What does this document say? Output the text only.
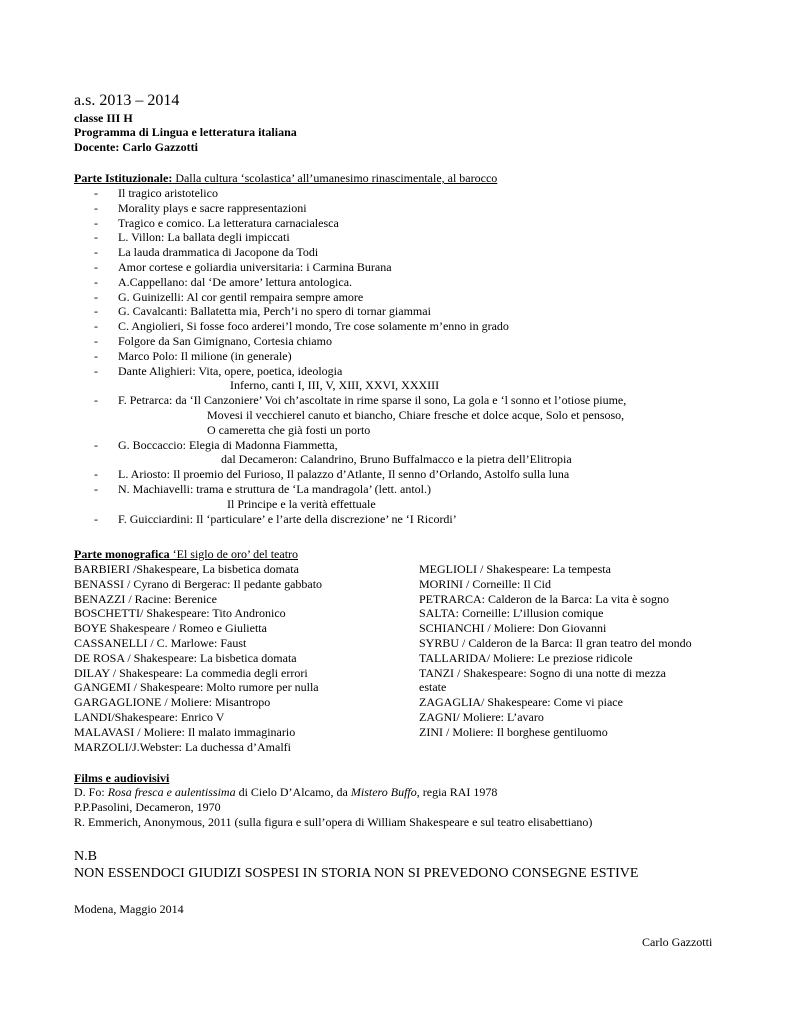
a.s. 2013 – 2014
classe III H
Programma di Lingua e letteratura italiana
Docente: Carlo Gazzotti
Parte Istituzionale: Dalla cultura ‘scolastica’ all’umanesimo rinascimentale, al barocco
- Il tragico aristotelico
- Morality plays e sacre rappresentazioni
- Tragico e comico. La letteratura carnacialesca
- L. Villon: La ballata degli impiccati
- La lauda drammatica di Jacopone da Todi
- Amor cortese e goliardia universitaria: i Carmina Burana
- A.Cappellano: dal ‘De amore’ lettura antologica.
- G. Guinizelli: Al cor gentil rempaira sempre amore
- G. Cavalcanti: Ballatetta mia, Perch’i no spero di tornar giammai
- C. Angiolieri, Si fosse foco arderei’l mondo, Tre cose solamente m’enno in grado
- Folgore da San Gimignano, Cortesia chiamo
- Marco Polo: Il milione (in generale)
- Dante Alighieri: Vita, opere, poetica, ideologia
Inferno, canti I, III, V, XIII, XXVI, XXXIII
- F. Petrarca: da ‘Il Canzoniere’ Voi ch’ascoltate in rime sparse il sono, La gola e ‘l sonno et l’otiose piume,
Movesi il vecchierel canuto et biancho, Chiare fresche et dolce acque, Solo et pensoso,
O cameretta che già fosti un porto
- G. Boccaccio: Elegia di Madonna Fiammetta,
dal Decameron: Calandrino, Bruno Buffalmacco e la pietra dell’Elitropia
- L. Ariosto: Il proemio del Furioso, Il palazzo d’Atlante, Il senno d’Orlando, Astolfo sulla luna
- N. Machiavelli: trama e struttura de ‘La mandragola’ (lett. antol.)
Il Principe e la verità effettuale
- F. Guicciardini: Il ‘particulare’ e l’arte della discrezione’ ne ‘I Ricordi’
Parte monografica ‘El siglo de oro’ del teatro
BARBIERI /Shakespeare, La bisbetica domata
BENASSI / Cyrano di Bergerac: Il pedante gabbato
BENAZZI / Racine: Berenice
BOSCHETTI/ Shakespeare: Tito Andronico
BOYE Shakespeare / Romeo e Giulietta
CASSANELLI / C. Marlowe: Faust
DE ROSA / Shakespeare: La bisbetica domata
DILAY / Shakespeare: La commedia degli errori
GANGEMI / Shakespeare: Molto rumore per nulla
GARGAGLIONE / Moliere: Misantropo
LANDI/Shakespeare: Enrico V
MALAVASI / Moliere: Il malato immaginario
MARZOLI/J.Webster: La duchessa d’Amalfi
MEGLIOLI / Shakespeare: La tempesta
MORINI / Corneille: Il Cid
PETRARCA: Calderon de la Barca: La vita è sogno
SALTA: Corneille: L’illusion comique
SCHIANCHI / Moliere: Don Giovanni
SYRBU / Calderon de la Barca: Il gran teatro del mondo
TALLARIDA/ Moliere: Le preziose ridicole
TANZI / Shakespeare: Sogno di una notte di mezza
estate
ZAGAGLIA/ Shakespeare: Come vi piace
ZAGNI/ Moliere: L’avaro
ZINI / Moliere: Il borghese gentiluomo
Films e audiovisivi
D. Fo: Rosa fresca e aulentissima di Cielo D’Alcamo, da Mistero Buffo, regia RAI 1978
P.P.Pasolini, Decameron, 1970
R. Emmerich, Anonymous, 2011 (sulla figura e sull’opera di William Shakespeare e sul teatro elisabettiano)
N.B
NON ESSENDOCI GIUDIZI SOSPESI IN STORIA NON SI PREVEDONO CONSEGNE ESTIVE
Modena, Maggio 2014
Carlo Gazzotti
